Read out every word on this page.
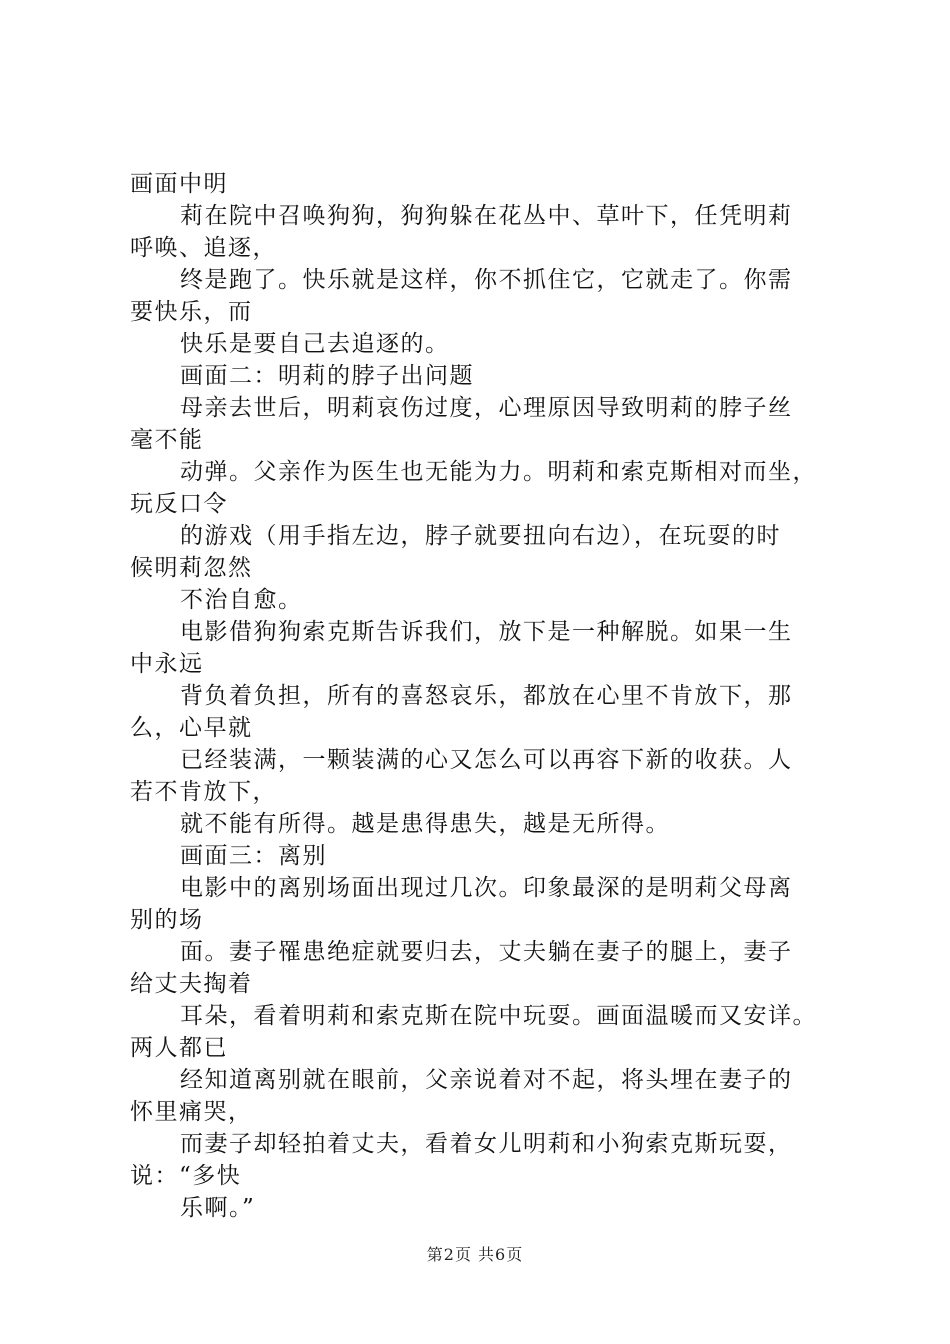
画面中明
莉在院中召唤狗狗，狗狗躲在花丛中、草叶下，任凭明莉
呼唤、追逐，
终是跑了。快乐就是这样，你不抓住它，它就走了。你需
要快乐，而
快乐是要自己去追逐的。
画面二：明莉的脖子出问题
母亲去世后，明莉哀伤过度，心理原因导致明莉的脖子丝
毫不能
动弹。父亲作为医生也无能为力。明莉和索克斯相对而坐，
玩反口令
的游戏（用手指左边，脖子就要扭向右边），在玩耍的时
候明莉忽然
不治自愈。
电影借狗狗索克斯告诉我们，放下是一种解脱。如果一生
中永远
背负着负担，所有的喜怒哀乐，都放在心里不肯放下，那
么，心早就
已经装满，一颗装满的心又怎么可以再容下新的收获。人
若不肯放下，
就不能有所得。越是患得患失，越是无所得。
画面三：离别
电影中的离别场面出现过几次。印象最深的是明莉父母离
别的场
面。妻子罹患绝症就要归去，丈夫躺在妻子的腿上，妻子
给丈夫掏着
耳朵，看着明莉和索克斯在院中玩耍。画面温暖而又安详。
两人都已
经知道离别就在眼前，父亲说着对不起，将头埋在妻子的
怀里痛哭，
而妻子却轻拍着丈夫，看着女儿明莉和小狗索克斯玩耍，
说：“多快
乐啊。”
第2页 共6页
